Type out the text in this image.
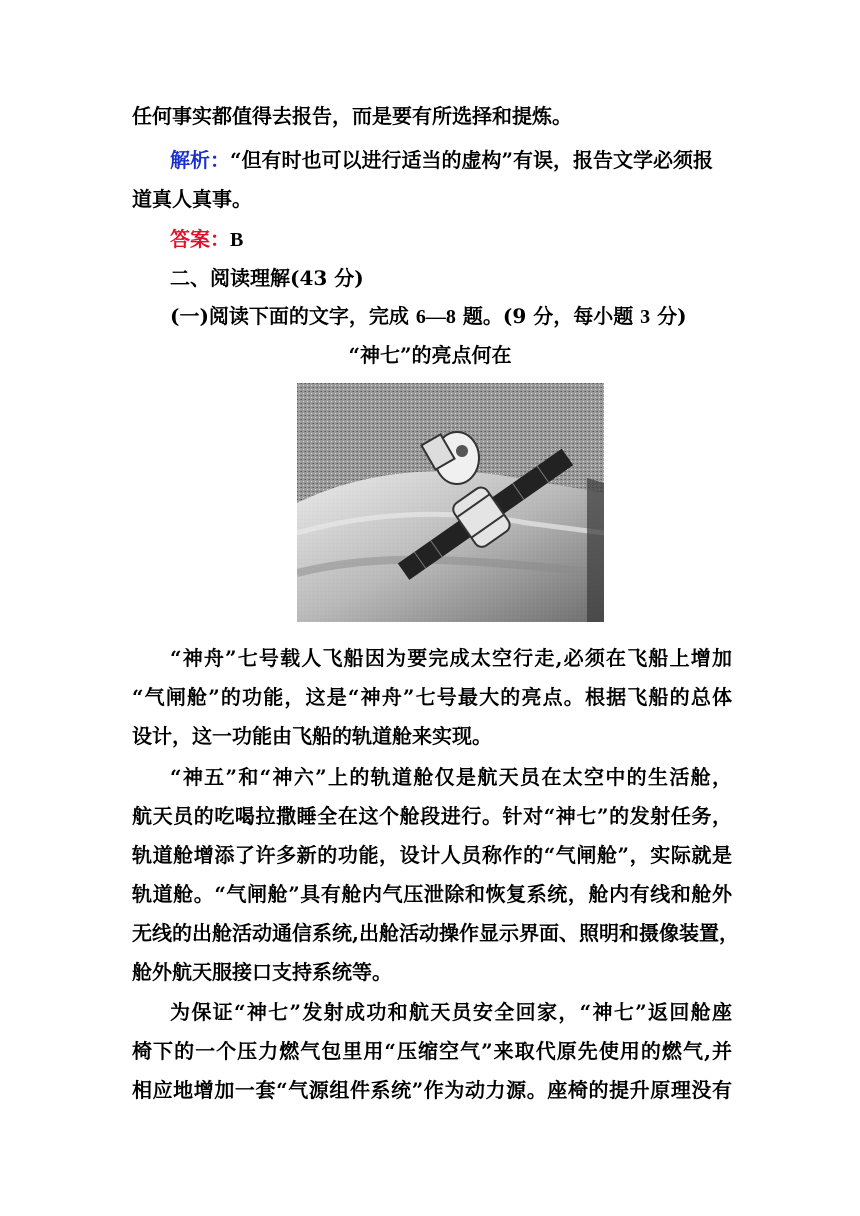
任何事实都值得去报告，而是要有所选择和提炼。
解析：“但有时也可以进行适当的虚构”有误，报告文学必须报
道真人真事。
答案：B
二、阅读理解(43 分)
(一)阅读下面的文字，完成 6—8 题。(9 分，每小题 3 分)
“神七”的亮点何在
“神舟”七号载人飞船因为要完成太空行走,必须在飞船上增加
“气闸舱”的功能，这是“神舟”七号最大的亮点。根据飞船的总体
设计，这一功能由飞船的轨道舱来实现。
“神五”和“神六”上的轨道舱仅是航天员在太空中的生活舱，
航天员的吃喝拉撒睡全在这个舱段进行。针对“神七”的发射任务，
轨道舱增添了许多新的功能，设计人员称作的“气闸舱”，实际就是
轨道舱。“气闸舱”具有舱内气压泄除和恢复系统，舱内有线和舱外
无线的出舱活动通信系统,出舱活动操作显示界面、照明和摄像装置，
舱外航天服接口支持系统等。
为保证“神七”发射成功和航天员安全回家，“神七”返回舱座
椅下的一个压力燃气包里用“压缩空气”来取代原先使用的燃气,并
相应地增加一套“气源组件系统”作为动力源。座椅的提升原理没有
